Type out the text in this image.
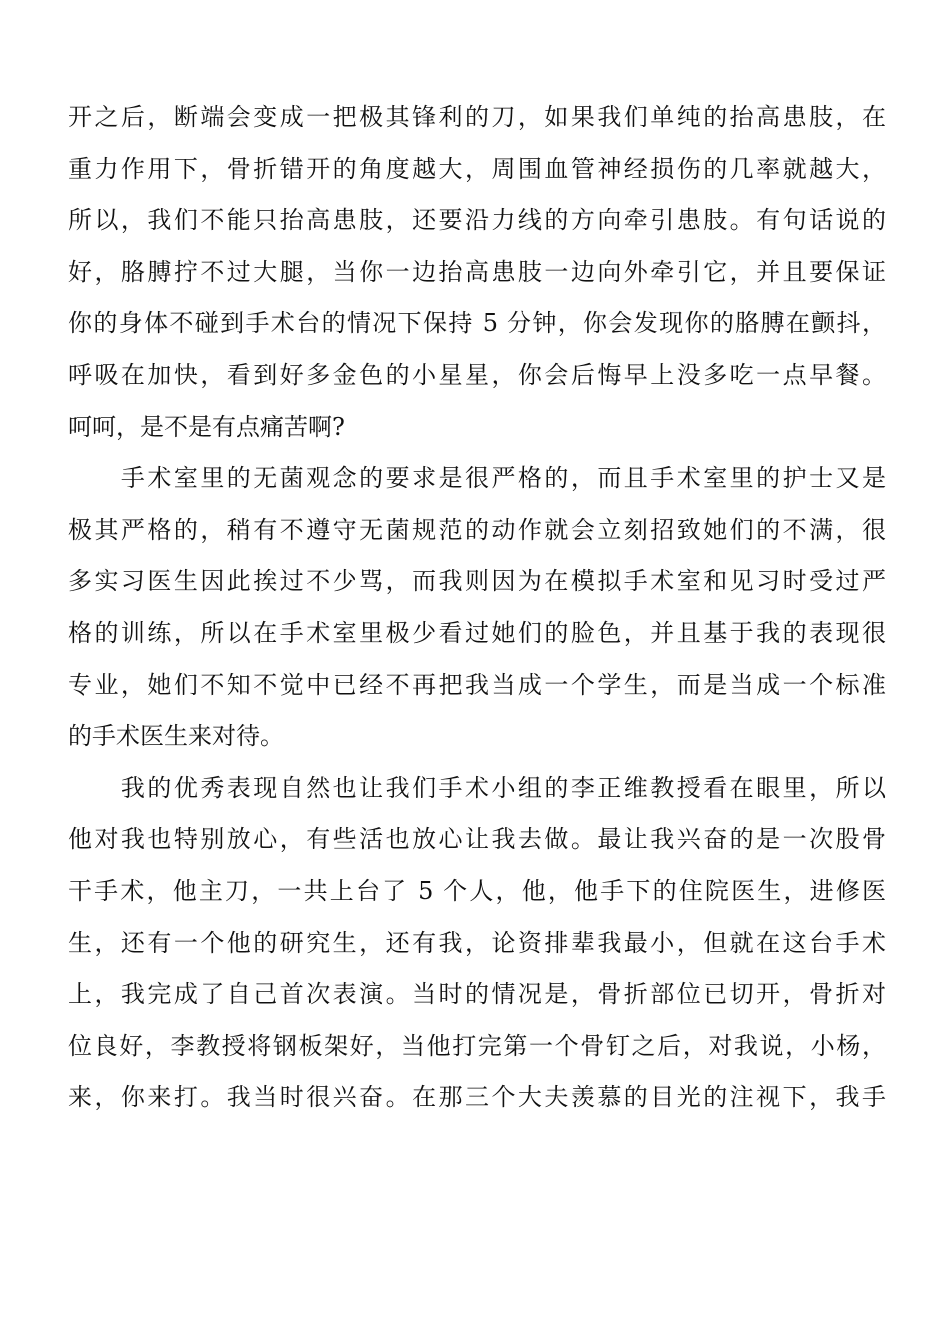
开之后，断端会变成一把极其锋利的刀，如果我们单纯的抬高患肢，在
重力作用下，骨折错开的角度越大，周围血管神经损伤的几率就越大，
所以，我们不能只抬高患肢，还要沿力线的方向牵引患肢。有句话说的
好，胳膊拧不过大腿，当你一边抬高患肢一边向外牵引它，并且要保证
你的身体不碰到手术台的情况下保持 5 分钟，你会发现你的胳膊在颤抖，
呼吸在加快，看到好多金色的小星星，你会后悔早上没多吃一点早餐。
呵呵，是不是有点痛苦啊?
　　手术室里的无菌观念的要求是很严格的，而且手术室里的护士又是
极其严格的，稍有不遵守无菌规范的动作就会立刻招致她们的不满，很
多实习医生因此挨过不少骂，而我则因为在模拟手术室和见习时受过严
格的训练，所以在手术室里极少看过她们的脸色，并且基于我的表现很
专业，她们不知不觉中已经不再把我当成一个学生，而是当成一个标准
的手术医生来对待。
　　我的优秀表现自然也让我们手术小组的李正维教授看在眼里，所以
他对我也特别放心，有些活也放心让我去做。最让我兴奋的是一次股骨
干手术，他主刀，一共上台了 5 个人，他，他手下的住院医生，进修医
生，还有一个他的研究生，还有我，论资排辈我最小，但就在这台手术
上，我完成了自己首次表演。当时的情况是，骨折部位已切开，骨折对
位良好，李教授将钢板架好，当他打完第一个骨钉之后，对我说，小杨，
来，你来打。我当时很兴奋。在那三个大夫羡慕的目光的注视下，我手
